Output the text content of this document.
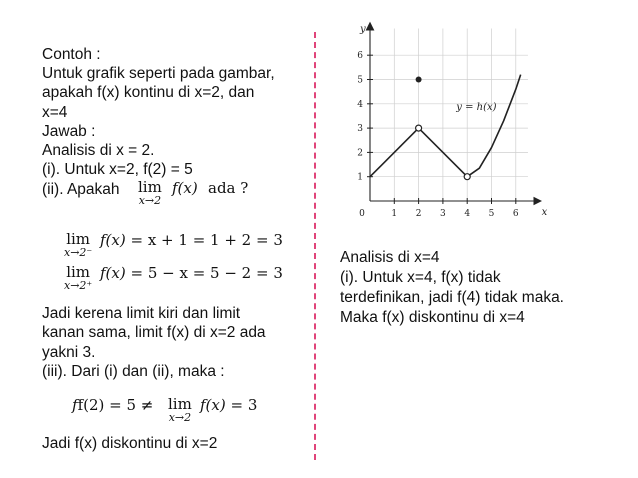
Contoh :
Untuk grafik seperti pada gambar,
apakah f(x) kontinu di x=2, dan
x=4
Jawab :
Analisis di x = 2.
(i). Untuk x=2, f(2) = 5
(ii). Apakah lim
x→2
f(x) ada ?
lim
x→2⁻
f(x) = x + 1 = 1 + 2 = 3
lim
x→2⁺
f(x) = 5 − x = 5 − 2 = 3
Jadi kerena limit kiri dan limit
kanan sama, limit f(x) di x=2 ada
yakni 3.
(iii). Dari (i) dan (ii), maka :
ff(2) = 5 ≠ lim
x→2
f(x) = 3
Jadi f(x) diskontinu di x=2
Analisis di x=4
(i). Untuk x=4, f(x) tidak
terdefinikan, jadi f(4) tidak maka.
Maka f(x) diskontinu di x=4
1 2 3 4 5 6
1
2
3
4
5
6
0	x
y
y = h(x)
